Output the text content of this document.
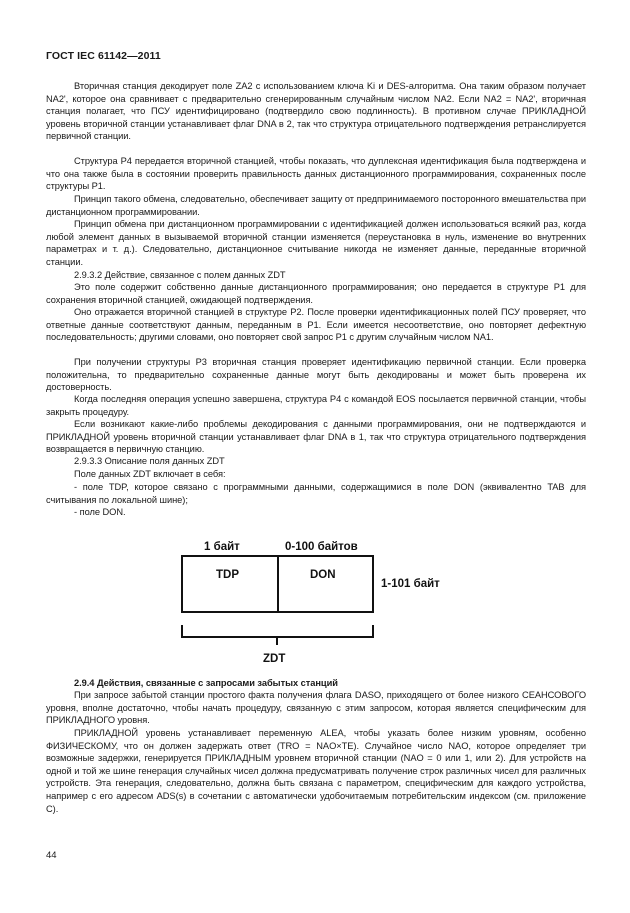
ГОСТ IEC 61142—2011

Вторичная станция декодирует поле ZA2 с использованием ключа Ki и DES-алгоритма. Она таким образом получает NA2', которое она сравнивает с предварительно сгенерированным случайным числом NA2. Если NA2 = NA2', вторичная станция полагает, что ПСУ идентифицировано (подтвердило свою подлинность). В противном случае ПРИКЛАДНОЙ уровень вторичной станции устанавливает флаг DNA в 2, так что структура отрицательного подтверждения ретранслируется первичной станции.

Структура P4 передается вторичной станцией, чтобы показать, что дуплексная идентификация была подтверждена и что она также была в состоянии проверить правильность данных дистанционного программирования, сохраненных после структуры P1.

Принцип такого обмена, следовательно, обеспечивает защиту от предпринимаемого посторонного вмешательства при дистанционном программировании.

Принцип обмена при дистанционном программировании с идентификацией должен использоваться всякий раз, когда любой элемент данных в вызываемой вторичной станции изменяется (переустановка в нуль, изменение во внутренних параметрах и т. д.). Следовательно, дистанционное считывание никогда не изменяет данные, переданные вторичной станции.

2.9.3.2 Действие, связанное с полем данных ZDT

Это поле содержит собственно данные дистанционного программирования; оно передается в структуре P1 для сохранения вторичной станцией, ожидающей подтверждения.

Оно отражается вторичной станцией в структуре P2. После проверки идентификационных полей ПСУ проверяет, что ответные данные соответствуют данным, переданным в P1. Если имеется несоответствие, оно повторяет дефектную последовательность; другими словами, оно повторяет свой запрос P1 с другим случайным числом NA1.

При получении структуры P3 вторичная станция проверяет идентификацию первичной станции. Если проверка положительна, то предварительно сохраненные данные могут быть декодированы и может быть проверена их достоверность.

Когда последняя операция успешно завершена, структура P4 с командой EOS посылается первичной станции, чтобы закрыть процедуру.

Если возникают какие-либо проблемы декодирования с данными программирования, они не подтверждаются и ПРИКЛАДНОЙ уровень вторичной станции устанавливает флаг DNA в 1, так что структура отрицательного подтверждения возвращается в первичную станцию.

2.9.3.3 Описание поля данных ZDT

Поле данных ZDT включает в себя:

- поле TDP, которое связано с программными данными, содержащимися в поле DON (эквивалентно TAB для считывания по локальной шине);

- поле DON.

1 байт	0-100 байтов
TDP	DON
1-101 байт
ZDT

2.9.4 Действия, связанные с запросами забытых станций

При запросе забытой станции простого факта получения флага DASO, приходящего от более низкого СЕАНСОВОГО уровня, вполне достаточно, чтобы начать процедуру, связанную с этим запросом, которая является специфическим для ПРИКЛАДНОГО уровня.

ПРИКЛАДНОЙ уровень устанавливает переменную ALEA, чтобы указать более низким уровням, особенно ФИЗИЧЕСКОМУ, что он должен задержать ответ (TRO = NAO×TE). Случайное число NAO, которое определяет три возможные задержки, генерируется ПРИКЛАДНЫМ уровнем вторичной станции (NAO = 0 или 1, или 2). Для устройств на одной и той же шине генерация случайных чисел должна предусматривать получение строк различных чисел для различных устройств. Эта генерация, следовательно, должна быть связана с параметром, специфическим для каждого устройства, например с его адресом ADS(s) в сочетании с автоматически удобочитаемым потребительским индексом (см. приложение C).

44
